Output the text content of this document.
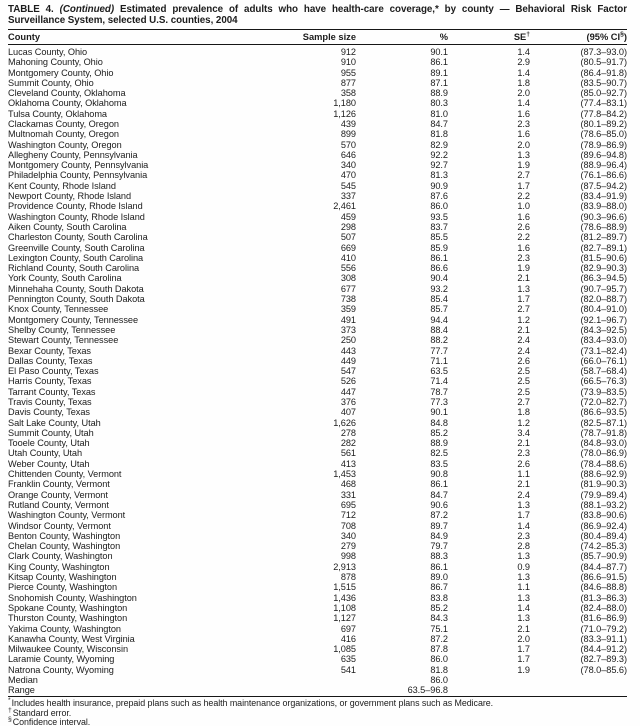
TABLE 4. (Continued) Estimated prevalence of adults who have health-care coverage,* by county — Behavioral Risk Factor Surveillance System, selected U.S. counties, 2004
County	Sample size	%	SE†	(95% CI§)
Lucas County, Ohio	912	90.1	1.4	(87.3–93.0)
Mahoning County, Ohio	910	86.1	2.9	(80.5–91.7)
Montgomery County, Ohio	955	89.1	1.4	(86.4–91.8)
Summit County, Ohio	877	87.1	1.8	(83.5–90.7)
Cleveland County, Oklahoma	358	88.9	2.0	(85.0–92.7)
Oklahoma County, Oklahoma	1,180	80.3	1.4	(77.4–83.1)
Tulsa County, Oklahoma	1,126	81.0	1.6	(77.8–84.2)
Clackamas County, Oregon	439	84.7	2.3	(80.1–89.2)
Multnomah County, Oregon	899	81.8	1.6	(78.6–85.0)
Washington County, Oregon	570	82.9	2.0	(78.9–86.9)
Allegheny County, Pennsylvania	646	92.2	1.3	(89.6–94.8)
Montgomery County, Pennsylvania	340	92.7	1.9	(88.9–96.4)
Philadelphia County, Pennsylvania	470	81.3	2.7	(76.1–86.6)
Kent County, Rhode Island	545	90.9	1.7	(87.5–94.2)
Newport County, Rhode Island	337	87.6	2.2	(83.4–91.9)
Providence County, Rhode Island	2,461	86.0	1.0	(83.9–88.0)
Washington County, Rhode Island	459	93.5	1.6	(90.3–96.6)
Aiken County, South Carolina	298	83.7	2.6	(78.6–88.9)
Charleston County, South Carolina	507	85.5	2.2	(81.2–89.7)
Greenville County, South Carolina	669	85.9	1.6	(82.7–89.1)
Lexington County, South Carolina	410	86.1	2.3	(81.5–90.6)
Richland County, South Carolina	556	86.6	1.9	(82.9–90.3)
York County, South Carolina	308	90.4	2.1	(86.3–94.5)
Minnehaha County, South Dakota	677	93.2	1.3	(90.7–95.7)
Pennington County, South Dakota	738	85.4	1.7	(82.0–88.7)
Knox County, Tennessee	359	85.7	2.7	(80.4–91.0)
Montgomery County, Tennessee	491	94.4	1.2	(92.1–96.7)
Shelby County, Tennessee	373	88.4	2.1	(84.3–92.5)
Stewart County, Tennessee	250	88.2	2.4	(83.4–93.0)
Bexar County, Texas	443	77.7	2.4	(73.1–82.4)
Dallas County, Texas	449	71.1	2.6	(66.0–76.1)
El Paso County, Texas	547	63.5	2.5	(58.7–68.4)
Harris County, Texas	526	71.4	2.5	(66.5–76.3)
Tarrant County, Texas	447	78.7	2.5	(73.9–83.5)
Travis County, Texas	376	77.3	2.7	(72.0–82.7)
Davis County, Texas	407	90.1	1.8	(86.6–93.5)
Salt Lake County, Utah	1,626	84.8	1.2	(82.5–87.1)
Summit County, Utah	278	85.2	3.4	(78.7–91.8)
Tooele County, Utah	282	88.9	2.1	(84.8–93.0)
Utah County, Utah	561	82.5	2.3	(78.0–86.9)
Weber County, Utah	413	83.5	2.6	(78.4–88.6)
Chittenden County, Vermont	1,453	90.8	1.1	(88.6–92.9)
Franklin County, Vermont	468	86.1	2.1	(81.9–90.3)
Orange County, Vermont	331	84.7	2.4	(79.9–89.4)
Rutland County, Vermont	695	90.6	1.3	(88.1–93.2)
Washington County, Vermont	712	87.2	1.7	(83.8–90.6)
Windsor County, Vermont	708	89.7	1.4	(86.9–92.4)
Benton County, Washington	340	84.9	2.3	(80.4–89.4)
Chelan County, Washington	279	79.7	2.8	(74.2–85.3)
Clark County, Washington	998	88.3	1.3	(85.7–90.9)
King County, Washington	2,913	86.1	0.9	(84.4–87.7)
Kitsap County, Washington	878	89.0	1.3	(86.6–91.5)
Pierce County, Washington	1,515	86.7	1.1	(84.6–88.8)
Snohomish County, Washington	1,436	83.8	1.3	(81.3–86.3)
Spokane County, Washington	1,108	85.2	1.4	(82.4–88.0)
Thurston County, Washington	1,127	84.3	1.3	(81.6–86.9)
Yakima County, Washington	697	75.1	2.1	(71.0–79.2)
Kanawha County, West Virginia	416	87.2	2.0	(83.3–91.1)
Milwaukee County, Wisconsin	1,085	87.8	1.7	(84.4–91.2)
Laramie County, Wyoming	635	86.0	1.7	(82.7–89.3)
Natrona County, Wyoming	541	81.8	1.9	(78.0–85.6)
Median		86.0		
Range		63.5–96.8		
*Includes health insurance, prepaid plans such as health maintenance organizations, or government plans such as Medicare.
†Standard error.
§Confidence interval.
